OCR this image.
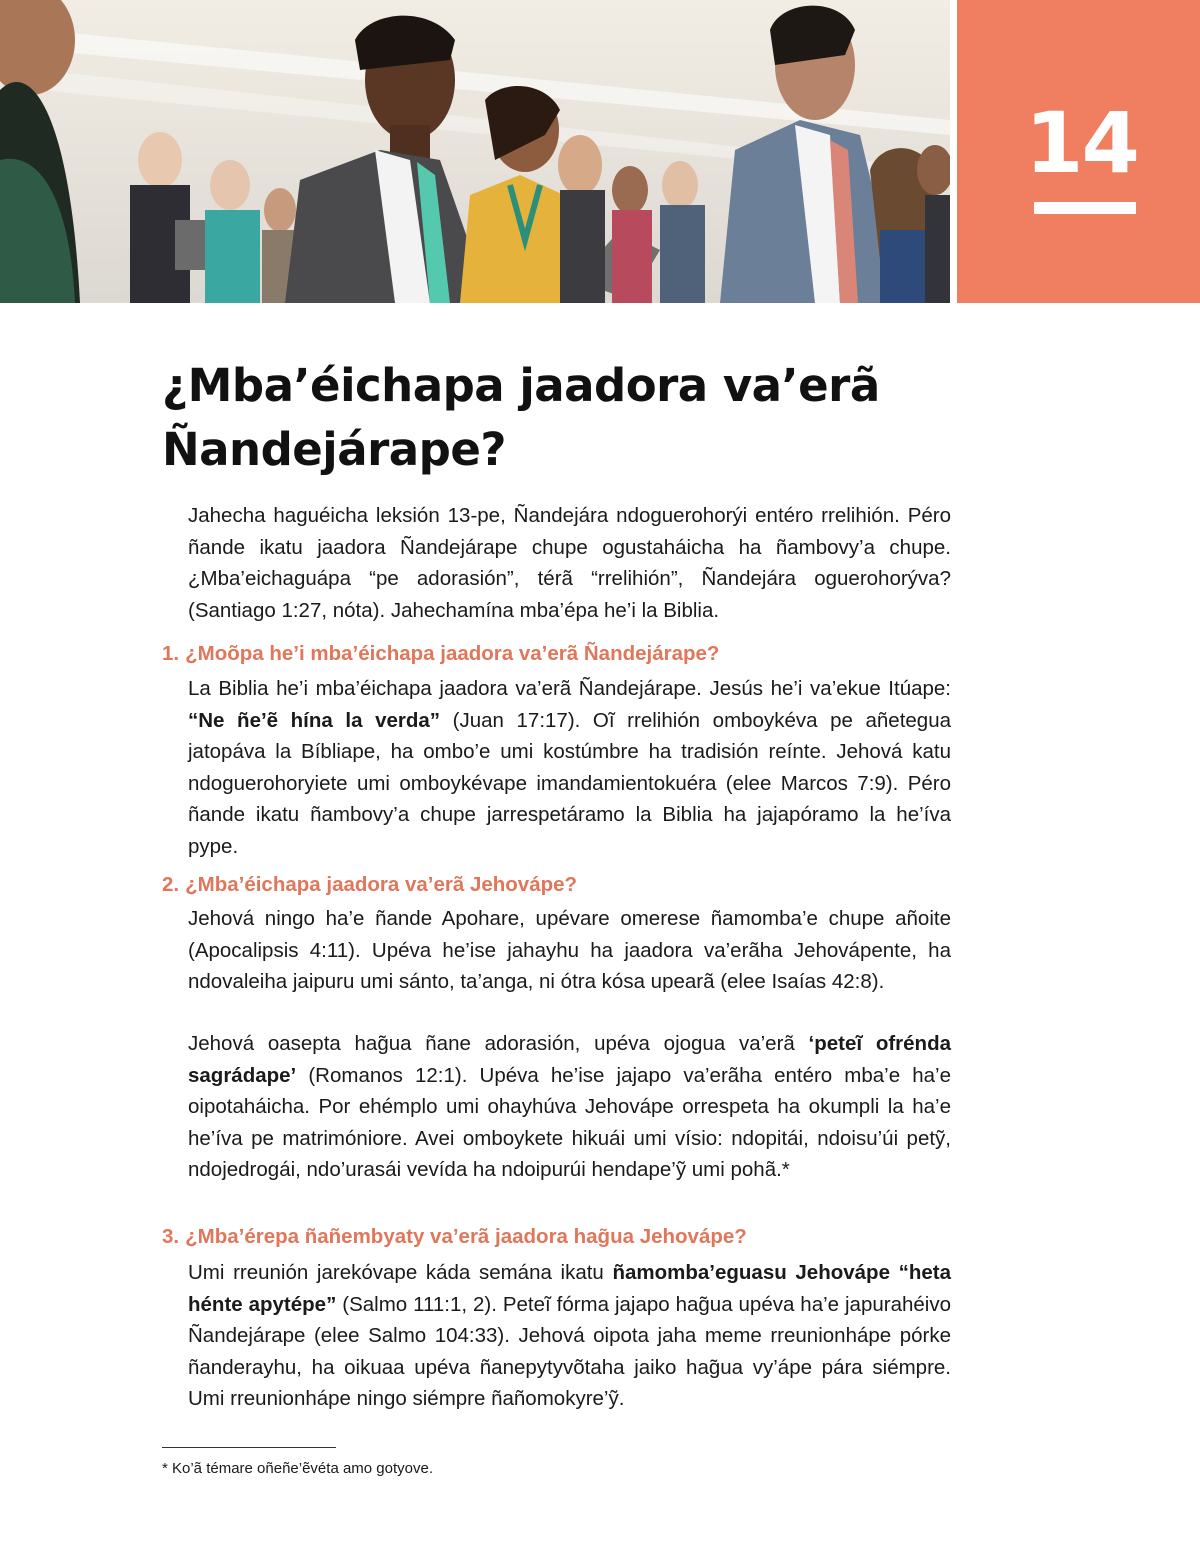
14
¿Mba’éichapa jaadora va’erã
Ñandejárape?

Jahecha haguéicha leksión 13-pe, Ñandejára ndoguerohorýi entéro rrelihión. Péro ñande ikatu jaadora Ñandejárape chupe ogustaháicha ha ñambovy’a chupe. ¿Mba’eichaguápa “pe adorasión”, térã “rrelihión”, Ñandejára oguerohorýva? (Santiago 1:27, nóta). Jahechamína mba’épa he’i la Biblia.

1. ¿Moõpa he’i mba’éichapa jaadora va’erã Ñandejárape?

La Biblia he’i mba’éichapa jaadora va’erã Ñandejárape. Jesús he’i va’ekue Itúape: “Ne ñe’ẽ hína la verda” (Juan 17:17). Oĩ rrelihión omboykéva pe añetegua jatopáva la Bíbliape, ha ombo’e umi kostúmbre ha tradisión reínte. Jehová katu ndoguerohoryiete umi omboykévape imandamientokuéra (elee Marcos 7:9). Péro ñande ikatu ñambovy’a chupe jarrespetáramo la Biblia ha jajapóramo la he’íva pype.

2. ¿Mba’éichapa jaadora va’erã Jehovápe?

Jehová ningo ha’e ñande Apohare, upévare omerese ñamomba’e chupe añoite (Apocalipsis 4:11). Upéva he’ise jahayhu ha jaadora va’erãha Jehovápente, ha ndovaleiha jaipuru umi sánto, ta’anga, ni ótra kósa upearã (elee Isaías 42:8).

Jehová oasepta hag̃ua ñane adorasión, upéva ojogua va’erã ‘peteĩ ofrénda sagrádape’ (Romanos 12:1). Upéva he’ise jajapo va’erãha entéro mba’e ha’e oipotaháicha. Por ehémplo umi ohayhúva Jehovápe orrespeta ha okumpli la ha’e he’íva pe matrimóniore. Avei omboykete hikuái umi vísio: ndopitái, ndoisu’úi petỹ, ndojedrogái, ndo’urasái vevída ha ndoipurúi hendape’ỹ umi pohã.*

3. ¿Mba’érepa ñañembyaty va’erã jaadora hag̃ua Jehovápe?

Umi rreunión jarekóvape káda semána ikatu ñamomba’eguasu Jehovápe “heta hénte apytépe” (Salmo 111:1, 2). Peteĩ fórma jajapo hag̃ua upéva ha’e japurahéivo Ñandejárape (elee Salmo 104:33). Jehová oipota jaha meme rreunionhápe pórke ñanderayhu, ha oikuaa upéva ñanepytyvõtaha jaiko hag̃ua vy’ápe pára siémpre. Umi rreunionhápe ningo siémpre ñañomokyre’ỹ.

* Ko’ã témare oñeñe’ẽvéta amo gotyove.
